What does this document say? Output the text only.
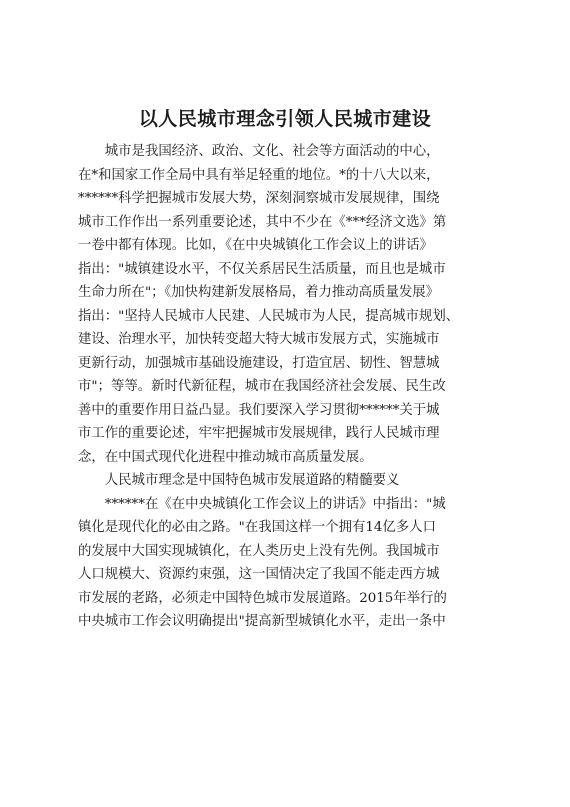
以人民城市理念引领人民城市建设
　　城市是我国经济、政治、文化、社会等方面活动的中心，
在*和国家工作全局中具有举足轻重的地位。*的十八大以来，
******科学把握城市发展大势，深刻洞察城市发展规律，围绕
城市工作作出一系列重要论述，其中不少在《***经济文选》第
一卷中都有体现。比如，《在中央城镇化工作会议上的讲话》
指出："城镇建设水平，不仅关系居民生活质量，而且也是城市
生命力所在"；《加快构建新发展格局，着力推动高质量发展》
指出："坚持人民城市人民建、人民城市为人民，提高城市规划、
建设、治理水平，加快转变超大特大城市发展方式，实施城市
更新行动，加强城市基础设施建设，打造宜居、韧性、智慧城
市"；等等。新时代新征程，城市在我国经济社会发展、民生改
善中的重要作用日益凸显。我们要深入学习贯彻******关于城
市工作的重要论述，牢牢把握城市发展规律，践行人民城市理
念，在中国式现代化进程中推动城市高质量发展。
　　人民城市理念是中国特色城市发展道路的精髓要义
　　******在《在中央城镇化工作会议上的讲话》中指出："城
镇化是现代化的必由之路。"在我国这样一个拥有14亿多人口
的发展中大国实现城镇化，在人类历史上没有先例。我国城市
人口规模大、资源约束强，这一国情决定了我国不能走西方城
市发展的老路，必须走中国特色城市发展道路。2015年举行的
中央城市工作会议明确提出"提高新型城镇化水平，走出一条中
